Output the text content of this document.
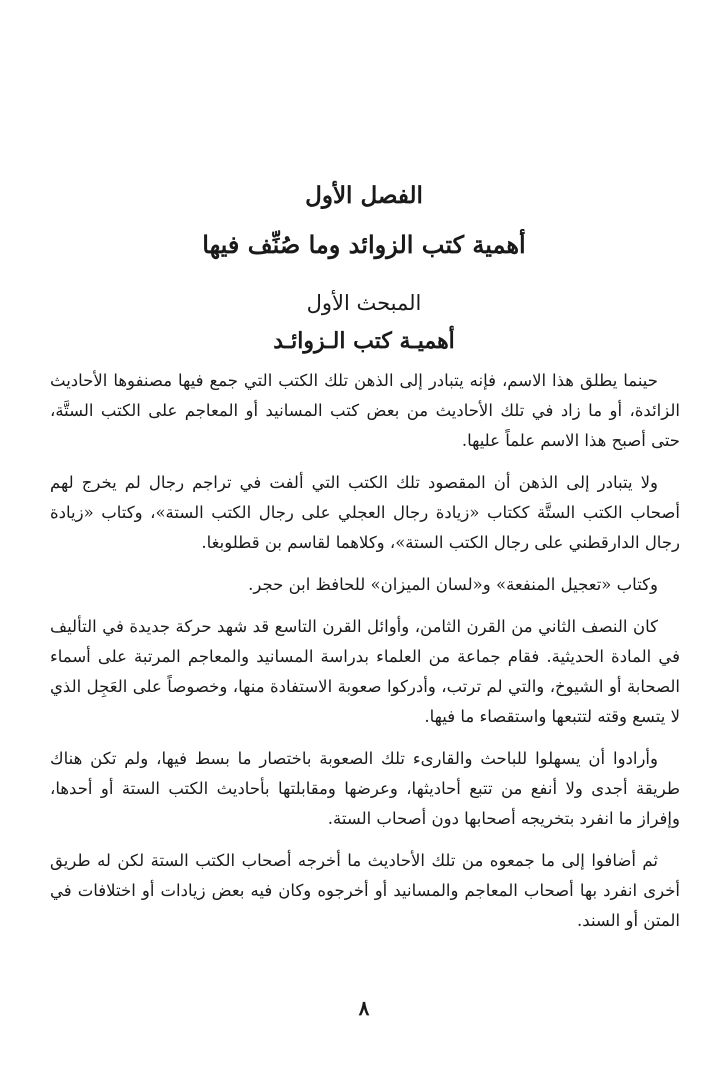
الفصل الأول
أهمية كتب الزوائد وما صُنِّف فيها
المبحث الأول
أهميـة كتب الـزوائـد

حينما يطلق هذا الاسم، فإنه يتبادر إلى الذهن تلك الكتب التي جمع فيها مصنفوها الأحاديث الزائدة، أو ما زاد في تلك الأحاديث من بعض كتب المسانيد أو المعاجم على الكتب الستَّة، حتى أصبح هذا الاسم علماً عليها.

ولا يتبادر إلى الذهن أن المقصود تلك الكتب التي ألفت في تراجم رجال لم يخرج لهم أصحاب الكتب الستَّة ككتاب «زيادة رجال العجلي على رجال الكتب الستة»، وكتاب «زيادة رجال الدارقطني على رجال الكتب الستة»، وكلاهما لقاسم بن قطلوبغا.

وكتاب «تعجيل المنفعة» و«لسان الميزان» للحافظ ابن حجر.

كان النصف الثاني من القرن الثامن، وأوائل القرن التاسع قد شهد حركة جديدة في التأليف في المادة الحديثية. فقام جماعة من العلماء بدراسة المسانيد والمعاجم المرتبة على أسماء الصحابة أو الشيوخ، والتي لم ترتب، وأدركوا صعوبة الاستفادة منها، وخصوصاً على العَجِل الذي لا يتسع وقته لتتبعها واستقصاء ما فيها.

وأرادوا أن يسهلوا للباحث والقارىء تلك الصعوبة باختصار ما بسط فيها، ولم تكن هناك طريقة أجدى ولا أنفع من تتبع أحاديثها، وعرضها ومقابلتها بأحاديث الكتب الستة أو أحدها، وإفراز ما انفرد بتخريجه أصحابها دون أصحاب الستة.

ثم أضافوا إلى ما جمعوه من تلك الأحاديث ما أخرجه أصحاب الكتب الستة لكن له طريق أخرى انفرد بها أصحاب المعاجم والمسانيد أو أخرجوه وكان فيه بعض زيادات أو اختلافات في المتن أو السند.

٨
